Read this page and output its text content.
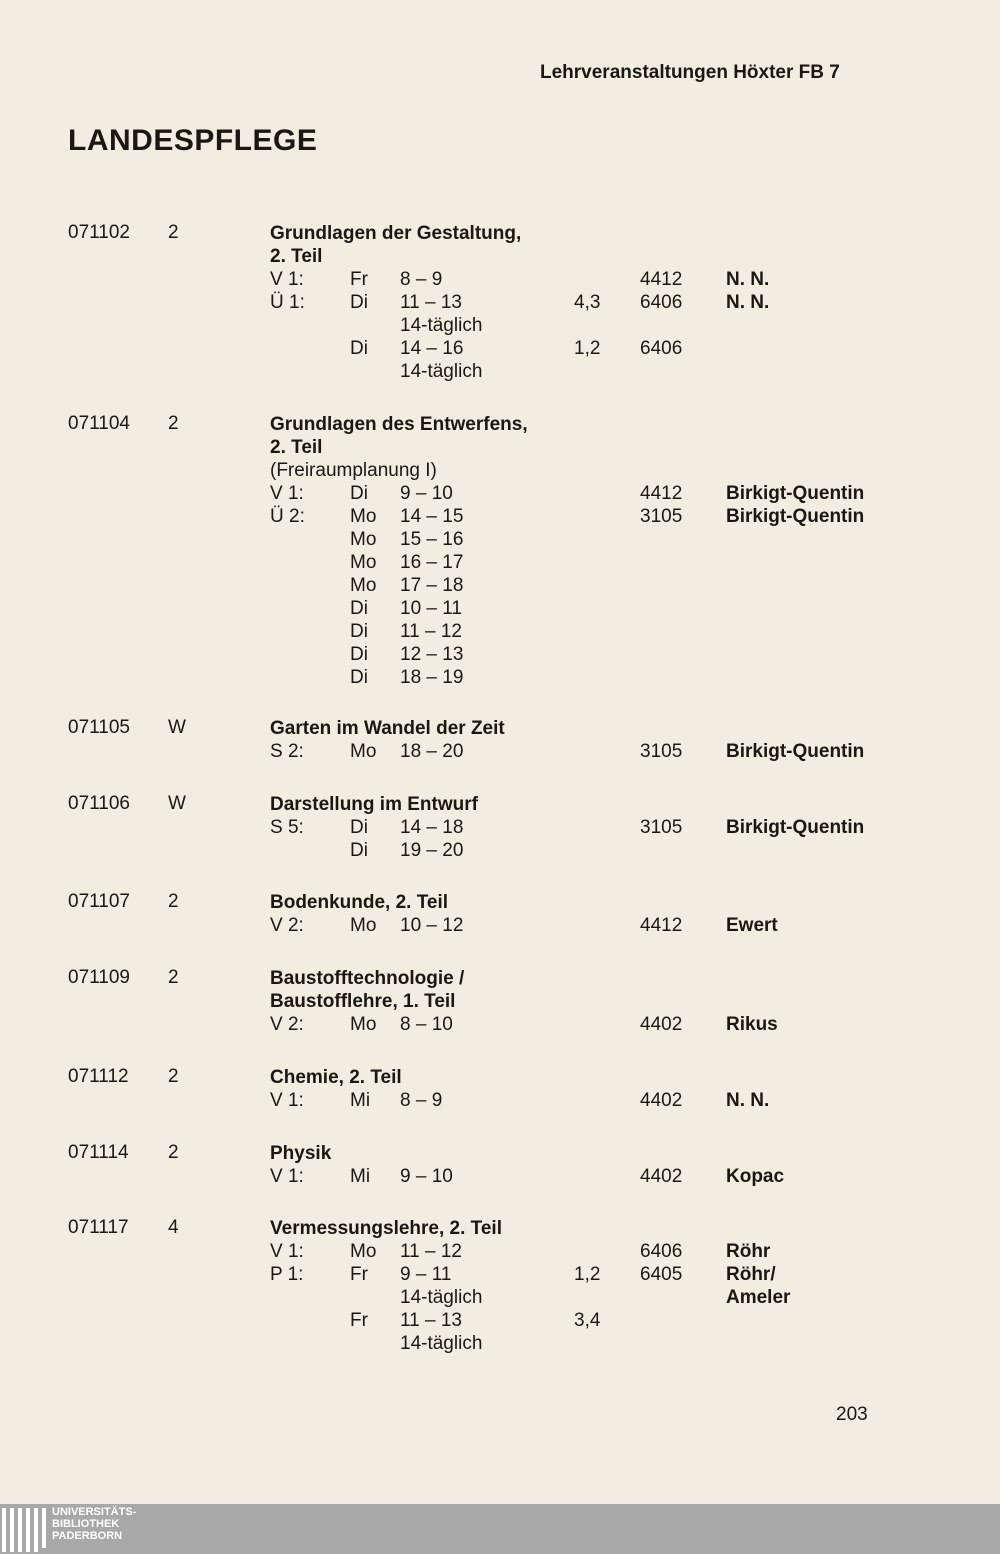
Lehrveranstaltungen Höxter FB 7
LANDESPFLEGE
071102 2	Grundlagen der Gestaltung,
2. Teil
V 1: Fr 8 – 9	4412 N. N.
Ü 1: Di 11 – 13	4,3 6406 N. N.
14-täglich
Di 14 – 16	1,2 6406
14-täglich
071104 2	Grundlagen des Entwerfens,
2. Teil
(Freiraumplanung I)
V 1: Di 9 – 10	4412 Birkigt-Quentin
Ü 2: Mo 14 – 15	3105 Birkigt-Quentin
Mo 15 – 16
Mo 16 – 17
Mo 17 – 18
Di 10 – 11
Di 11 – 12
Di 12 – 13
Di 18 – 19
071105 W	Garten im Wandel der Zeit
S 2: Mo 18 – 20	3105 Birkigt-Quentin
071106 W	Darstellung im Entwurf
S 5: Di 14 – 18	3105 Birkigt-Quentin
Di 19 – 20
071107 2	Bodenkunde, 2. Teil
V 2: Mo 10 – 12	4412 Ewert
071109 2	Baustofftechnologie /
Baustofflehre, 1. Teil
V 2: Mo 8 – 10	4402 Rikus
071112 2	Chemie, 2. Teil
V 1: Mi 8 – 9	4402 N. N.
071114 2	Physik
V 1: Mi 9 – 10	4402 Kopac
071117 4	Vermessungslehre, 2. Teil
V 1: Mo 11 – 12	6406 Röhr
P 1: Fr 9 – 11	1,2 6405 Röhr/
14-täglich	Ameler
Fr 11 – 13	3,4
14-täglich
203
UNIVERSITÄTS-
BIBLIOTHEK
PADERBORN
